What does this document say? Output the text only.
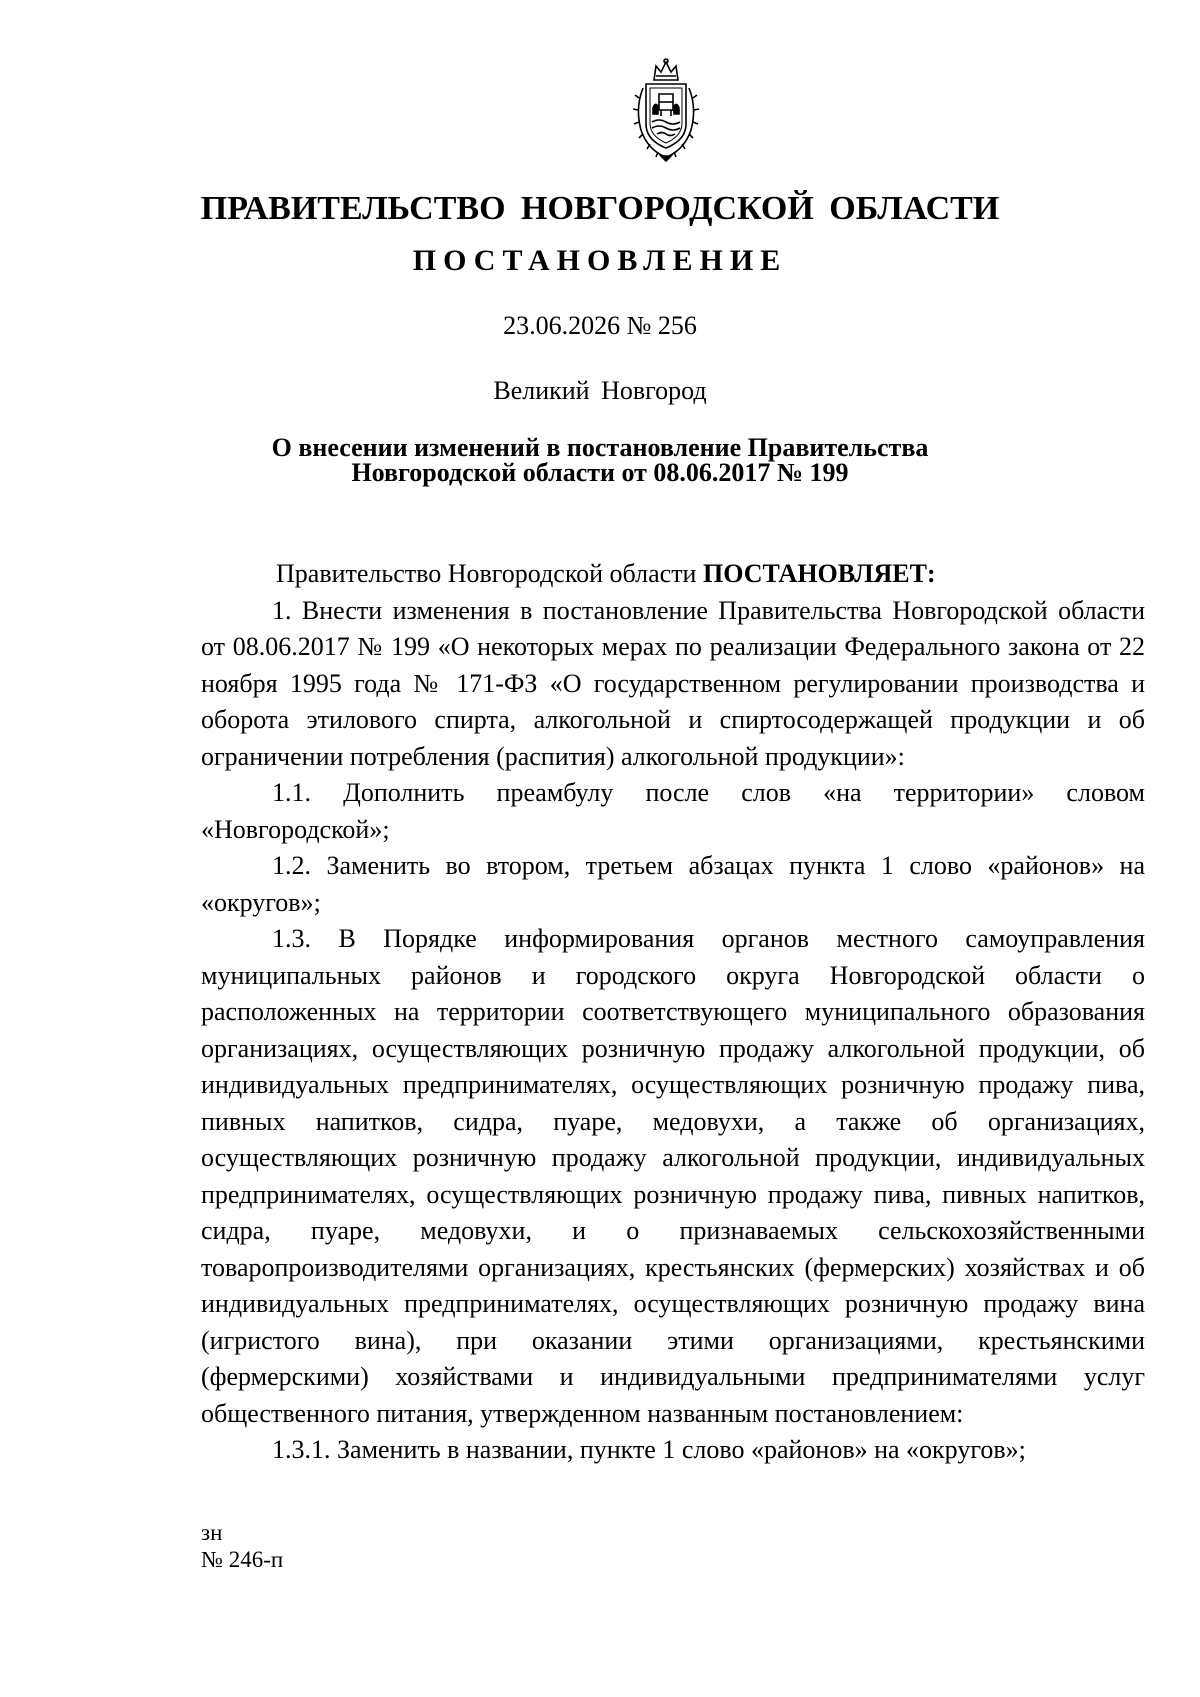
ПРАВИТЕЛЬСТВО НОВГОРОДСКОЙ ОБЛАСТИ
ПОСТАНОВЛЕНИЕ
23.06.2026 № 256
Великий Новгород
О внесении изменений в постановление Правительства
Новгородской области от 08.06.2017 № 199

Правительство Новгородской области ПОСТАНОВЛЯЕТ:

1. Внести изменения в постановление Правительства Новгородской области от 08.06.2017 № 199 «О некоторых мерах по реализации Федерального закона от 22 ноября 1995 года № 171-ФЗ «О государственном регулировании производства и оборота этилового спирта, алкогольной и спиртосодержащей продукции и об ограничении потребления (распития) алкогольной продукции»:

1.1. Дополнить преамбулу после слов «на территории» словом «Новгородской»;

1.2. Заменить во втором, третьем абзацах пункта 1 слово «районов» на «округов»;

1.3. В Порядке информирования органов местного самоуправления муниципальных районов и городского округа Новгородской области о расположенных на территории соответствующего муниципального образования организациях, осуществляющих розничную продажу алкогольной продукции, об индивидуальных предпринимателях, осуществляющих розничную продажу пива, пивных напитков, сидра, пуаре, медовухи, а также об организациях, осуществляющих розничную продажу алкогольной продукции, индивидуальных предпринимателях, осуществляющих розничную продажу пива, пивных напитков, сидра, пуаре, медовухи, и о признаваемых сельскохозяйственными товаропроизводителями организациях, крестьянских (фермерских) хозяйствах и об индивидуальных предпринимателях, осуществляющих розничную продажу вина (игристого вина), при оказании этими организациями, крестьянскими (фермерскими) хозяйствами и индивидуальными предпринимателями услуг общественного питания, утвержденном названным постановлением:

1.3.1. Заменить в названии, пункте 1 слово «районов» на «округов»;

зн
№ 246-п
